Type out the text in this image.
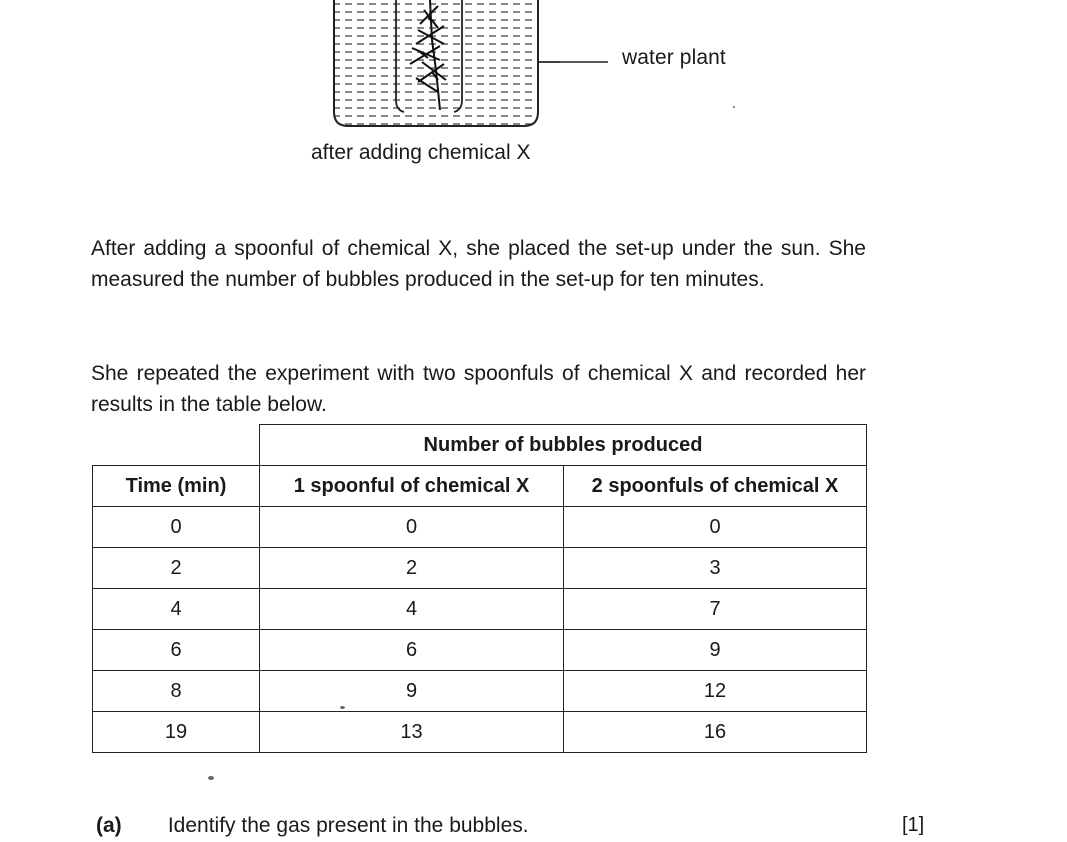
water plant
after adding chemical X

After adding a spoonful of chemical X, she placed the set-up under the sun. She measured the number of bubbles produced in the set-up for ten minutes.

She repeated the experiment with two spoonfuls of chemical X and recorded her results in the table below.

	Number of bubbles produced	
Time (min)	1 spoonful of chemical X	2 spoonfuls of chemical X
0	0	0
2	2	3
4	4	7
6	6	9
8	9	12
19	13	16
(a) Identify the gas present in the bubbles.	[1]
